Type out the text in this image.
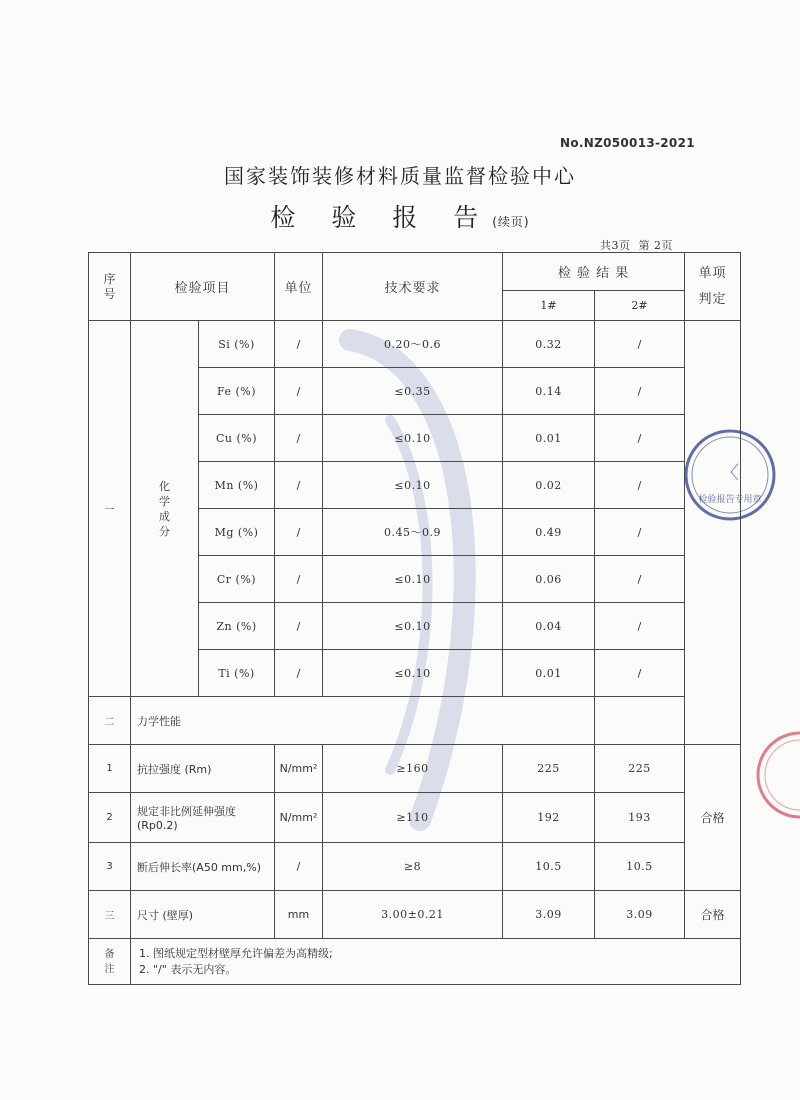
No.NZ050013-2021
国家装饰装修材料质量监督检验中心
检 验 报 告(续页)
共3页 第 2页
序号	检验项目		单位	技术要求	检 验 结 果		单项判定
					1#	2#	
一	化学成分	Si (%)	/	0.20～0.6	0.32	/	
		Fe (%)	/	≤0.35	0.14	/	
		Cu (%)	/	≤0.10	0.01	/	
		Mn (%)	/	≤0.10	0.02	/	
		Mg (%)	/	0.45～0.9	0.49	/	
		Cr (%)	/	≤0.10	0.06	/	
		Zn (%)	/	≤0.10	0.04	/	
		Ti (%)	/	≤0.10	0.01	/	
二	力学性能						
1	抗拉强度 (Rm)		N/mm²	≥160	225	225	合格
2	规定非比例延伸强度 (Rp0.2)		N/mm²	≥110	192	193	
3	断后伸长率(A50 mm,%)		/	≥8	10.5	10.5	
三	尺寸 (壁厚)		mm	3.00±0.21	3.09	3.09	合格
备注	1. 图纸规定型材壁厚允许偏差为高精级;
2. "/" 表示无内容。						
〈
检验报告专用章
